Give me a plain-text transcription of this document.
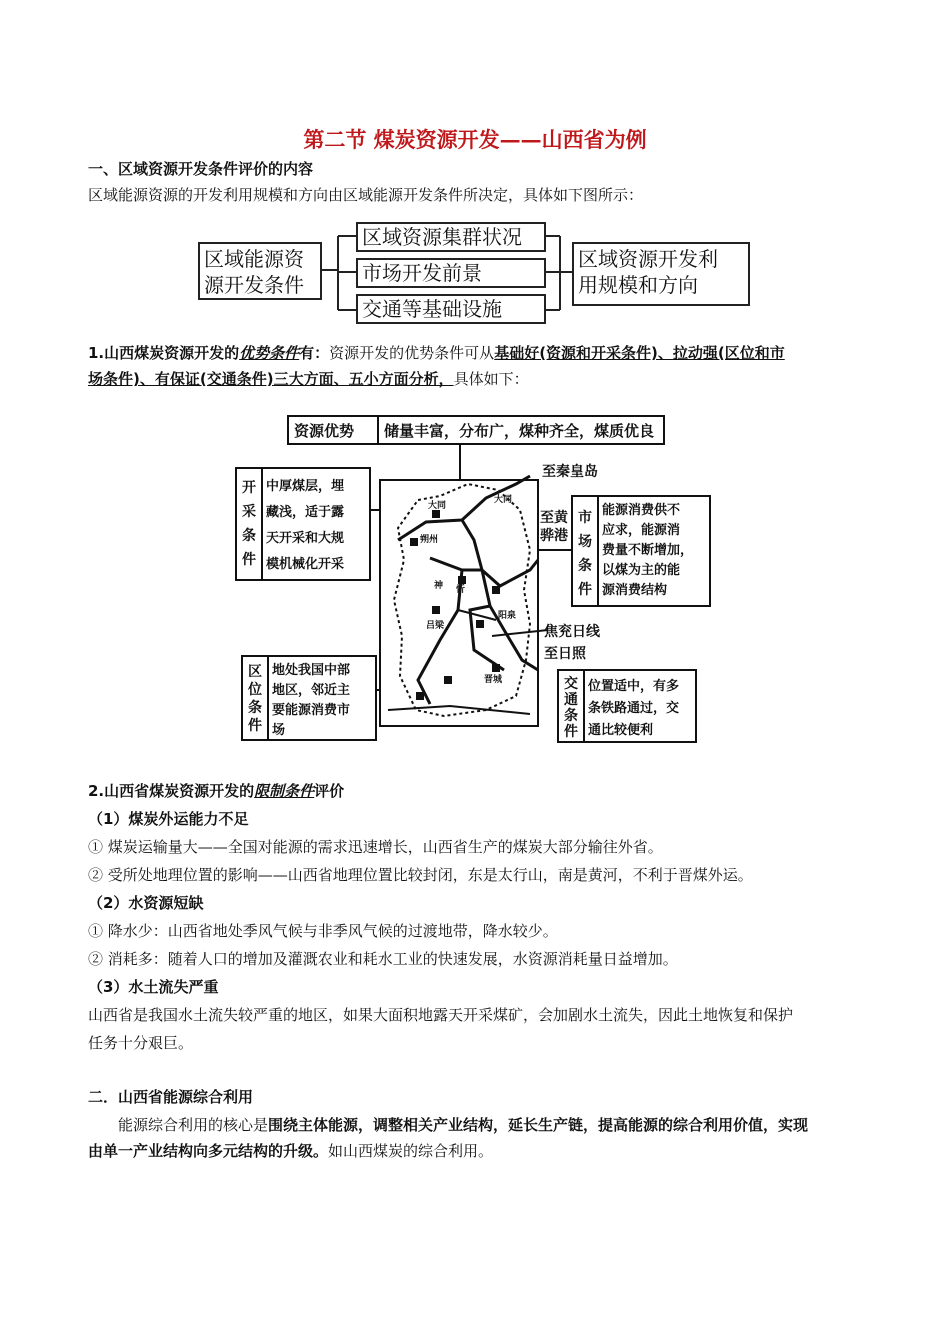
第二节 煤炭资源开发——山西省为例
一、区域资源开发条件评价的内容
区域能源资源的开发利用规模和方向由区域能源开发条件所决定，具体如下图所示：
区域能源资
源开发条件
区域资源集群状况
市场开发前景
交通等基础设施
区域资源开发利
用规模和方向
1.山西煤炭资源开发的优势条件有：资源开发的优势条件可从基础好(资源和开采条件)、拉动强(区位和市
场条件)、有保证(交通条件)三大方面、五小方面分析，具体如下：
资源优势 储量丰富，分布广，煤种齐全，煤质优良
开
采
条
件
中厚煤层，埋
藏浅，适于露
天开采和大规
模机械化开采
区
位
条
件
地处我国中部
地区，邻近主
要能源消费市
场
市
场
条
件
能源消费供不
应求，能源消
费量不断增加，
以煤为主的能
源消费结构
交
通
条
件
位置适中，有多
条铁路通过，交
通比较便利
至秦皇岛
至黄
骅港
焦兖日线
至日照
大同
朔州
忻
神
阳泉
吕梁
晋城
大同
2.山西省煤炭资源开发的限制条件评价
（1）煤炭外运能力不足
① 煤炭运输量大——全国对能源的需求迅速增长，山西省生产的煤炭大部分输往外省。
② 受所处地理位置的影响——山西省地理位置比较封闭，东是太行山，南是黄河，不利于晋煤外运。
（2）水资源短缺
① 降水少：山西省地处季风气候与非季风气候的过渡地带，降水较少。
② 消耗多：随着人口的增加及灌溉农业和耗水工业的快速发展，水资源消耗量日益增加。
（3）水土流失严重
山西省是我国水土流失较严重的地区，如果大面积地露天开采煤矿，会加剧水土流失，因此土地恢复和保护
任务十分艰巨。
二．山西省能源综合利用
能源综合利用的核心是围绕主体能源，调整相关产业结构，延长生产链，提高能源的综合利用价值，实现
由单一产业结构向多元结构的升级。如山西煤炭的综合利用。
